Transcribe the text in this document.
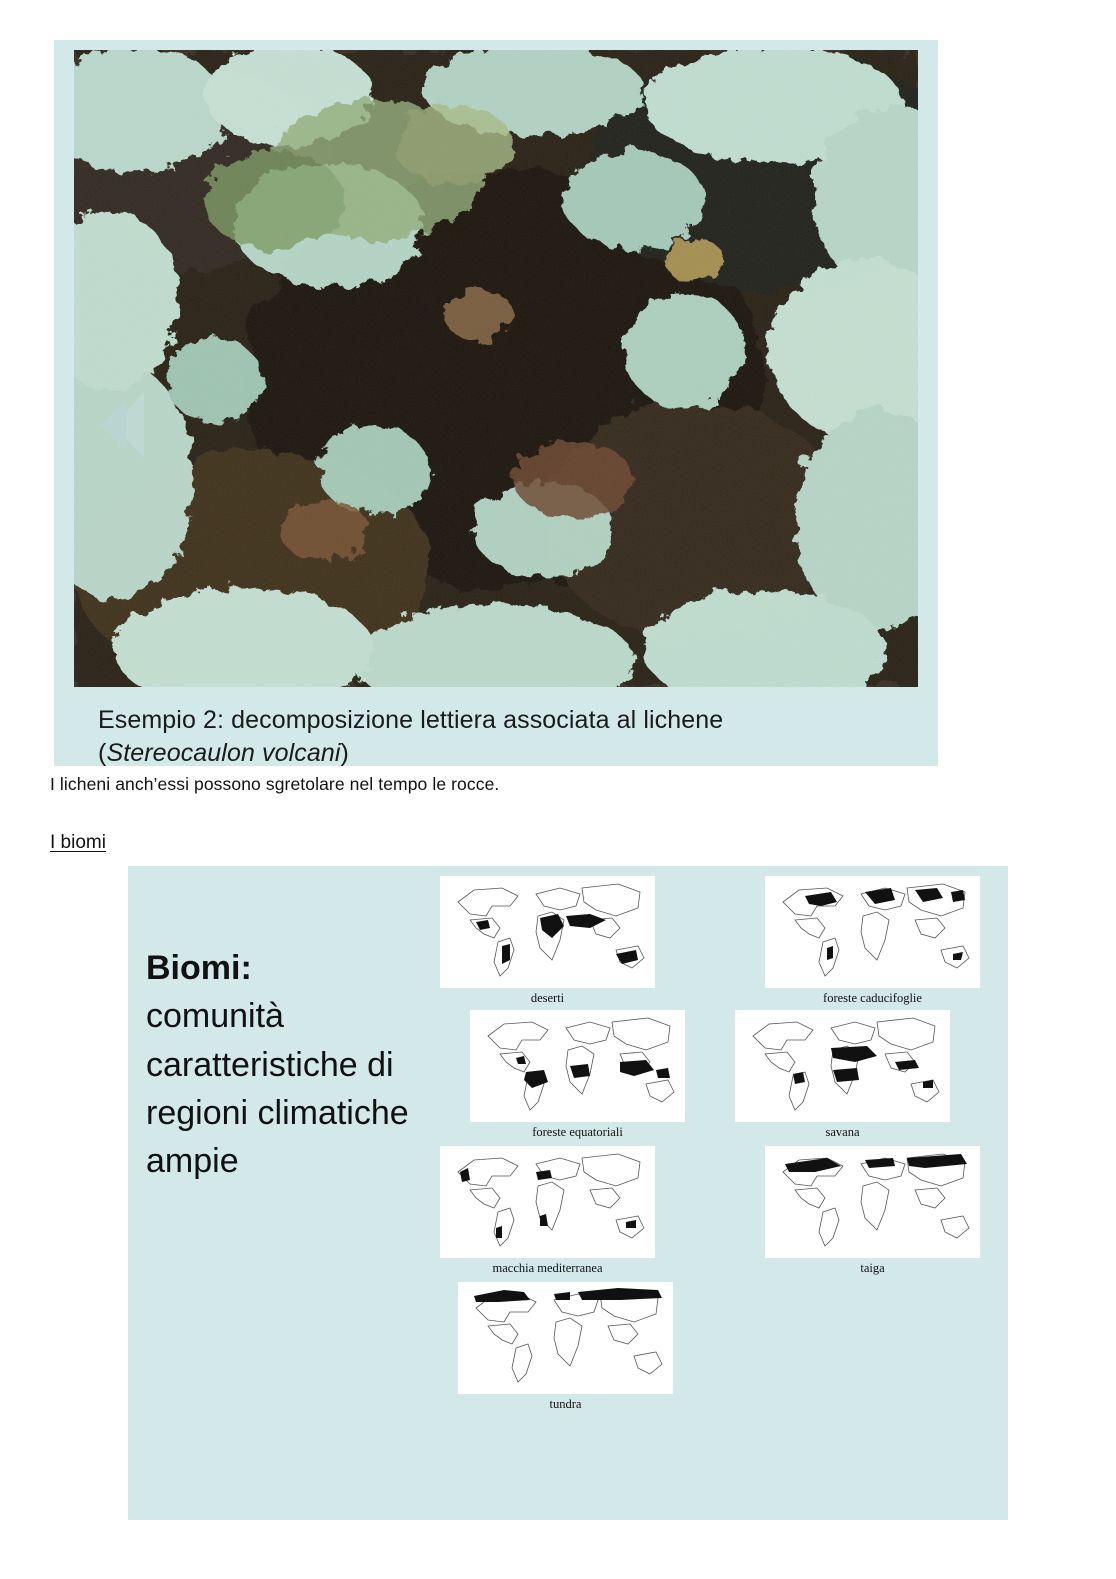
Esempio 2: decomposizione lettiera associata al lichene
(Stereocaulon volcani)
I licheni anch’essi possono sgretolare nel tempo le rocce.
I biomi
Biomi:
comunità caratteristiche di regioni climatiche ampie
deserti	foreste caducifoglie
foreste equatoriali	savana
macchia mediterranea	taiga
tundra
